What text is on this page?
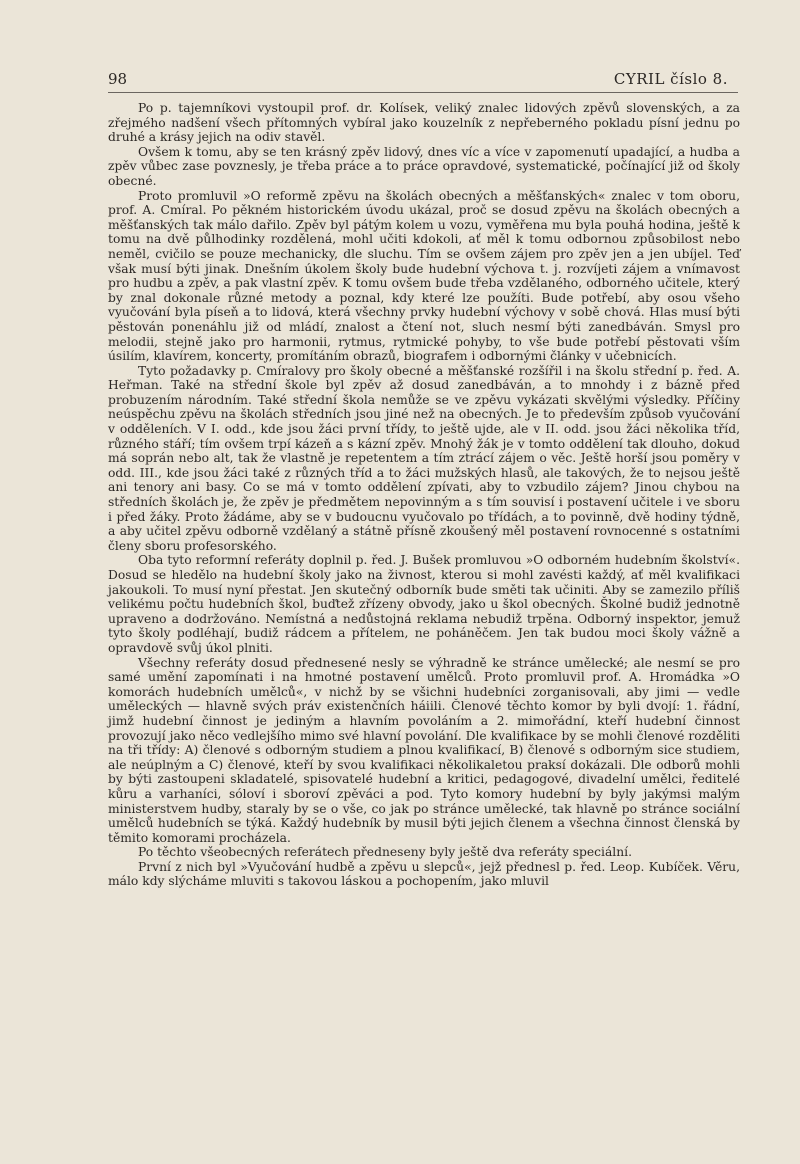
98	CYRIL číslo 8.

Po p. tajemníkovi vystoupil prof. dr. Kolísek, veliký znalec lidových zpěvů slovenských, a za zřejmého nadšení všech přítomných vybíral jako kouzelník z nepřeberného pokladu písní jednu po druhé a krásy jejich na odiv stavěl.

Ovšem k tomu, aby se ten krásný zpěv lidový, dnes víc a více v zapomenutí upadající, a hudba a zpěv vůbec zase povznesly, je třeba práce a to práce opravdové, systematické, počínající již od školy obecné.

Proto promluvil »O reformě zpěvu na školách obecných a měšťanských« znalec v tom oboru, prof. A. Cmíral. Po pěkném historickém úvodu ukázal, proč se dosud zpěvu na školách obecných a měšťanských tak málo dařilo. Zpěv byl pátým kolem u vozu, vyměřena mu byla pouhá hodina, ještě k tomu na dvě půlhodinky rozdělená, mohl učiti kdokoli, ať měl k tomu odbornou způsobilost nebo neměl, cvičilo se pouze mechanicky, dle sluchu. Tím se ovšem zájem pro zpěv jen a jen ubíjel. Teď však musí býti jinak. Dnešním úkolem školy bude hudební výchova t. j. rozvíjeti zájem a vnímavost pro hudbu a zpěv, a pak vlastní zpěv. K tomu ovšem bude třeba vzdělaného, odborného učitele, který by znal dokonale různé metody a poznal, kdy které lze použíti. Bude potřebí, aby osou všeho vyučování byla píseň a to lidová, která všechny prvky hudební výchovy v sobě chová. Hlas musí býti pěstován ponenáhlu již od mládí, znalost a čtení not, sluch nesmí býti zanedbáván. Smysl pro melodii, stejně jako pro harmonii, rytmus, rytmické pohyby, to vše bude potřebí pěstovati vším úsilím, klavírem, koncerty, promítáním obrazů, biografem i odbornými články v učebnicích.

Tyto požadavky p. Cmíralovy pro školy obecné a měšťanské rozšířil i na školu střední p. řed. A. Heřman. Také na střední škole byl zpěv až dosud zanedbáván, a to mnohdy i z bázně před probuzením národním. Také střední škola nemůže se ve zpěvu vykázati skvělými výsledky. Příčiny neúspěchu zpěvu na školách středních jsou jiné než na obecných. Je to především způsob vyučování v odděleních. V I. odd., kde jsou žáci první třídy, to ještě ujde, ale v II. odd. jsou žáci několika tříd, různého stáří; tím ovšem trpí kázeň a s kázní zpěv. Mnohý žák je v tomto oddělení tak dlouho, dokud má soprán nebo alt, tak že vlastně je repetentem a tím ztrácí zájem o věc. Ještě horší jsou poměry v odd. III., kde jsou žáci také z různých tříd a to žáci mužských hlasů, ale takových, že to nejsou ještě ani tenory ani basy. Co se má v tomto oddělení zpívati, aby to vzbudilo zájem? Jinou chybou na středních školách je, že zpěv je předmětem nepovinným a s tím souvisí i postavení učitele i ve sboru i před žáky. Proto žádáme, aby se v budoucnu vyučovalo po třídách, a to povinně, dvě hodiny týdně, a aby učitel zpěvu odborně vzdělaný a státně přísně zkoušený měl postavení rovnocenné s ostatními členy sboru profesorského.

Oba tyto reformní referáty doplnil p. řed. J. Bušek promluvou »O odborném hudebním školství«. Dosud se hledělo na hudební školy jako na živnost, kterou si mohl zavésti každý, ať měl kvalifikaci jakoukoli. To musí nyní přestat. Jen skutečný odborník bude směti tak učiniti. Aby se zamezilo příliš velikému počtu hudebních škol, buďtež zřízeny obvody, jako u škol obecných. Školné budiž jednotně upraveno a dodržováno. Nemístná a nedůstojná reklama nebudiž trpěna. Odborný inspektor, jemuž tyto školy podléhají, budiž rádcem a přítelem, ne poháněčem. Jen tak budou moci školy vážně a opravdově svůj úkol plniti.

Všechny referáty dosud přednesené nesly se výhradně ke stránce umělecké; ale nesmí se pro samé umění zapomínati i na hmotné postavení umělců. Proto promluvil prof. A. Hromádka »O komorách hudebních umělců«, v nichž by se všichni hudebníci zorganisovali, aby jimi — vedle uměleckých — hlavně svých práv existenčních háiili. Členové těchto komor by byli dvojí: 1. řádní, jimž hudební činnost je jediným a hlavním povoláním a 2. mimořádní, kteří hudební činnost provozují jako něco vedlejšího mimo své hlavní povolání. Dle kvalifikace by se mohli členové rozděliti na tři třídy: A) členové s odborným studiem a plnou kvalifikací, B) členové s odborným sice studiem, ale neúplným a C) členové, kteří by svou kvalifikaci několikaletou praksí dokázali. Dle odborů mohli by býti zastoupeni skladatelé, spisovatelé hudební a kritici, pedagogové, divadelní umělci, ředitelé kůru a varhaníci, sóloví i sboroví zpěváci a pod. Tyto komory hudební by byly jakýmsi malým ministerstvem hudby, staraly by se o vše, co jak po stránce umělecké, tak hlavně po stránce sociální umělců hudebních se týká. Každý hudebník by musil býti jejich členem a všechna činnost členská by těmito komorami procházela.

Po těchto všeobecných referátech předneseny byly ještě dva referáty speciální.

První z nich byl »Vyučování hudbě a zpěvu u slepců«, jejž přednesl p. řed. Leop. Kubíček. Věru, málo kdy slýcháme mluviti s takovou láskou a pochopením, jako mluvil
